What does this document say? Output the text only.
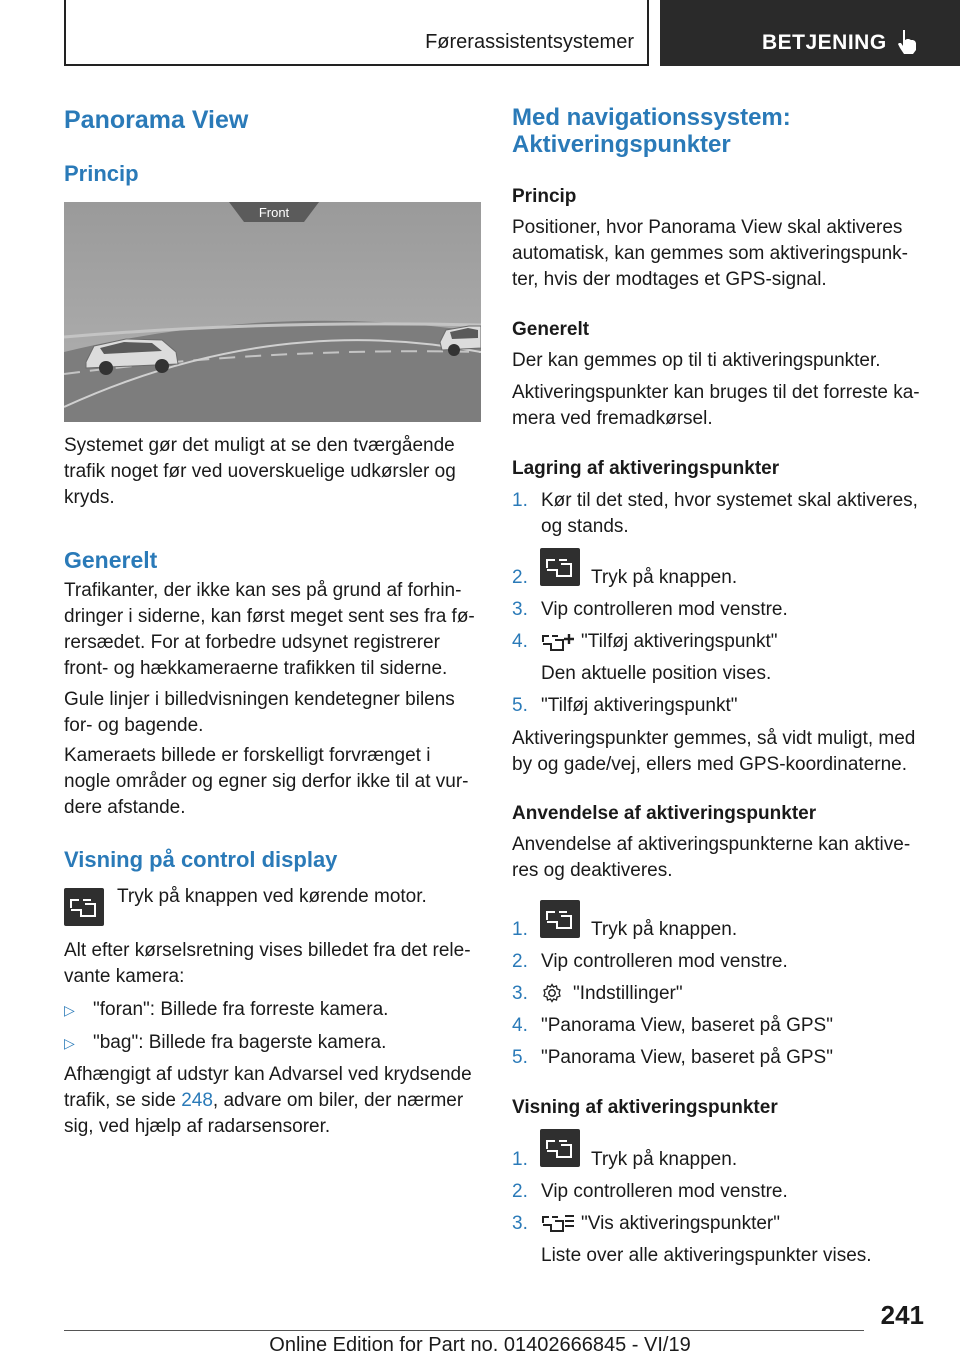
Førerassistentsystemer	BETJENING
Panorama View
Princip
Front
Systemet gør det muligt at se den tværgående
trafik noget før ved uoverskuelige udkørsler og
kryds.
Generelt
Trafikanter, der ikke kan ses på grund af forhin-
dringer i siderne, kan først meget sent ses fra fø-
rersædet. For at forbedre udsynet registrerer
front- og hækkameraerne trafikken til siderne.
Gule linjer i billedvisningen kendetegner bilens
for- og bagende.
Kameraets billede er forskelligt forvrænget i
nogle områder og egner sig derfor ikke til at vur-
dere afstande.
Visning på control display
Tryk på knappen ved kørende motor.
Alt efter kørselsretning vises billedet fra det rele-
vante kamera:
▷ "foran": Billede fra forreste kamera.
▷ "bag": Billede fra bagerste kamera.
Afhængigt af udstyr kan Advarsel ved krydsende
trafik, se side 248, advare om biler, der nærmer
sig, ved hjælp af radarsensorer.
Med navigationssystem:
Aktiveringspunkter
Princip
Positioner, hvor Panorama View skal aktiveres
automatisk, kan gemmes som aktiveringspunk-
ter, hvis der modtages et GPS-signal.
Generelt
Der kan gemmes op til ti aktiveringspunkter.
Aktiveringspunkter kan bruges til det forreste ka-
mera ved fremadkørsel.
Lagring af aktiveringspunkter
1. Kør til det sted, hvor systemet skal aktiveres,
og stands.
2.	Tryk på knappen.
3. Vip controlleren mod venstre.
4.	"Tilføj aktiveringspunkt"
Den aktuelle position vises.
5. "Tilføj aktiveringspunkt"
Aktiveringspunkter gemmes, så vidt muligt, med
by og gade/vej, ellers med GPS-koordinaterne.
Anvendelse af aktiveringspunkter
Anvendelse af aktiveringspunkterne kan aktive-
res og deaktiveres.
1.	Tryk på knappen.
2. Vip controlleren mod venstre.
3. "Indstillinger"
4. "Panorama View, baseret på GPS"
5. "Panorama View, baseret på GPS"
Visning af aktiveringspunkter
1.	Tryk på knappen.
2. Vip controlleren mod venstre.
3.	"Vis aktiveringspunkter"
Liste over alle aktiveringspunkter vises.
241
Online Edition for Part no. 01402666845 - VI/19
